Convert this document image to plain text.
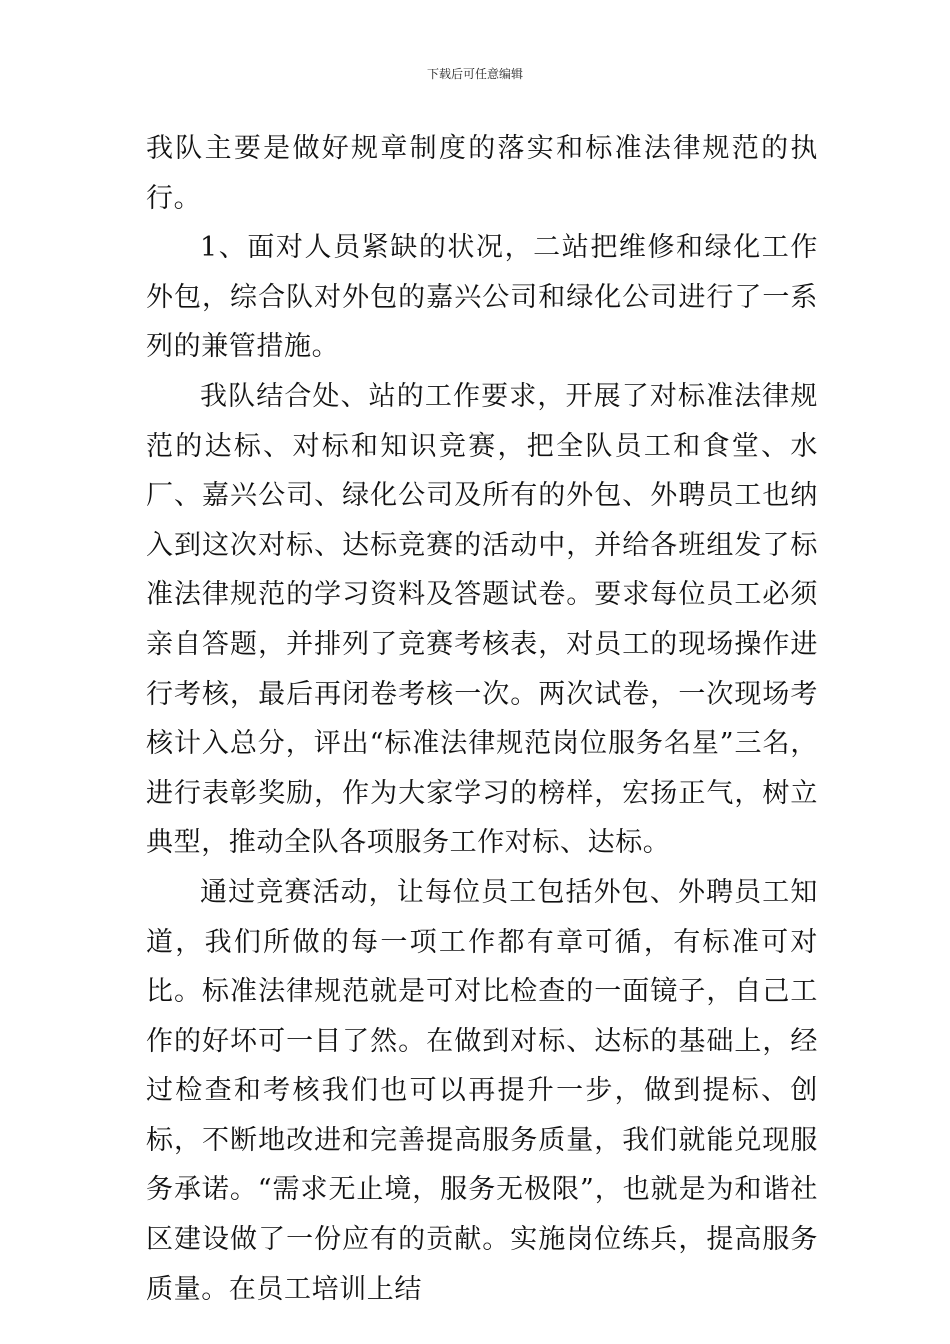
下载后可任意编辑

我队主要是做好规章制度的落实和标准法律规范的执行。

1、面对人员紧缺的状况，二站把维修和绿化工作外包，综合队对外包的嘉兴公司和绿化公司进行了一系列的兼管措施。

我队结合处、站的工作要求，开展了对标准法律规范的达标、对标和知识竞赛，把全队员工和食堂、水厂、嘉兴公司、绿化公司及所有的外包、外聘员工也纳入到这次对标、达标竞赛的活动中，并给各班组发了标准法律规范的学习资料及答题试卷。要求每位员工必须亲自答题，并排列了竞赛考核表，对员工的现场操作进行考核，最后再闭卷考核一次。两次试卷，一次现场考核计入总分，评出“标准法律规范岗位服务名星”三名，进行表彰奖励，作为大家学习的榜样，宏扬正气，树立典型，推动全队各项服务工作对标、达标。

通过竞赛活动，让每位员工包括外包、外聘员工知道，我们所做的每一项工作都有章可循，有标准可对比。标准法律规范就是可对比检查的一面镜子，自己工作的好坏可一目了然。在做到对标、达标的基础上，经过检查和考核我们也可以再提升一步，做到提标、创标，不断地改进和完善提高服务质量，我们就能兑现服务承诺。“需求无止境，服务无极限”，也就是为和谐社区建设做了一份应有的贡献。实施岗位练兵，提高服务质量。在员工培训上结
